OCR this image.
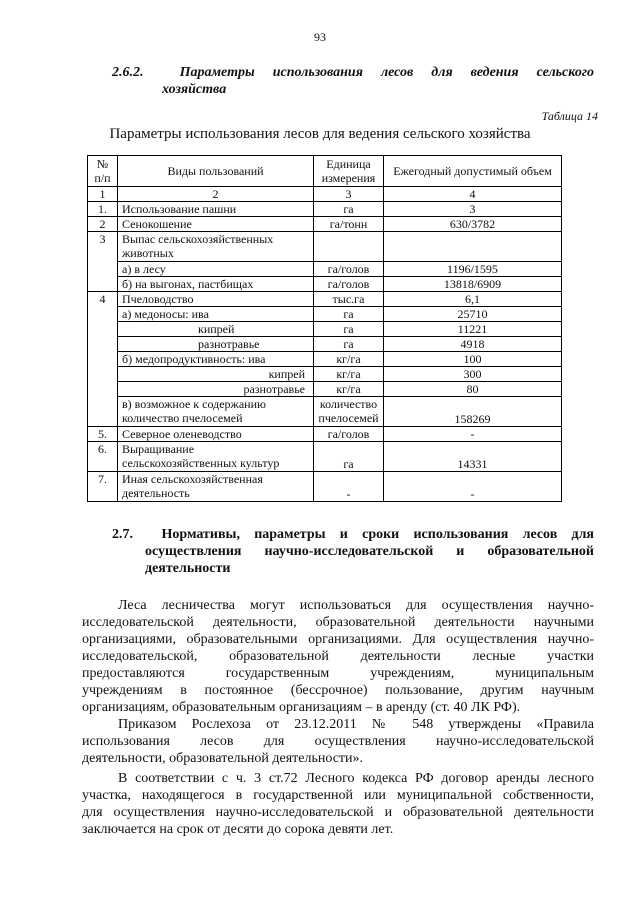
93
2.6.2.	Параметры использования лесов для ведения сельского
хозяйства
Таблица 14
Параметры использования лесов для ведения сельского хозяйства
№ п/п	Виды пользований	Единица измерения	Ежегодный допустимый объем
1	2	3	4
1.	Использование пашни	га	3
2	Сенокошение	га/тонн	630/3782
3	Выпас сельскохозяйственных животных		
	а) в лесу	га/голов	1196/1595
	б) на выгонах, пастбищах	га/голов	13818/6909
4	Пчеловодство	тыс.га	6,1
	а) медоносы: ива	га	25710
	кипрей	га	11221
	разнотравье	га	4918
	б) медопродуктивность: ива	кг/га	100
	кипрей	кг/га	300
	разнотравье	кг/га	80
	в) возможное к содержанию количество пчелосемей	количество пчелосемей	158269
5.	Северное оленеводство	га/голов	-
6.	Выращивание сельскохозяйственных культур	га	14331
7.	Иная сельскохозяйственная деятельность	-	-
2.7. Нормативы, параметры и сроки использования лесов для
осуществления научно-исследовательской и образовательной
деятельности
Леса лесничества могут использоваться для осуществления научно-
исследовательской деятельности, образовательной деятельности научными
организациями, образовательными организациями. Для осуществления научно-
исследовательской, образовательной деятельности лесные участки
предоставляются государственным учреждениям, муниципальным
учреждениям в постоянное (бессрочное) пользование, другим научным
организациям, образовательным организациям – в аренду (ст. 40 ЛК РФ).
Приказом Рослехоза от 23.12.2011 № 548 утверждены «Правила
использования лесов для осуществления научно-исследовательской
деятельности, образовательной деятельности».
В соответствии с ч. 3 ст.72 Лесного кодекса РФ договор аренды лесного
участка, находящегося в государственной или муниципальной собственности,
для осуществления научно-исследовательской и образовательной деятельности
заключается на срок от десяти до сорока девяти лет.
